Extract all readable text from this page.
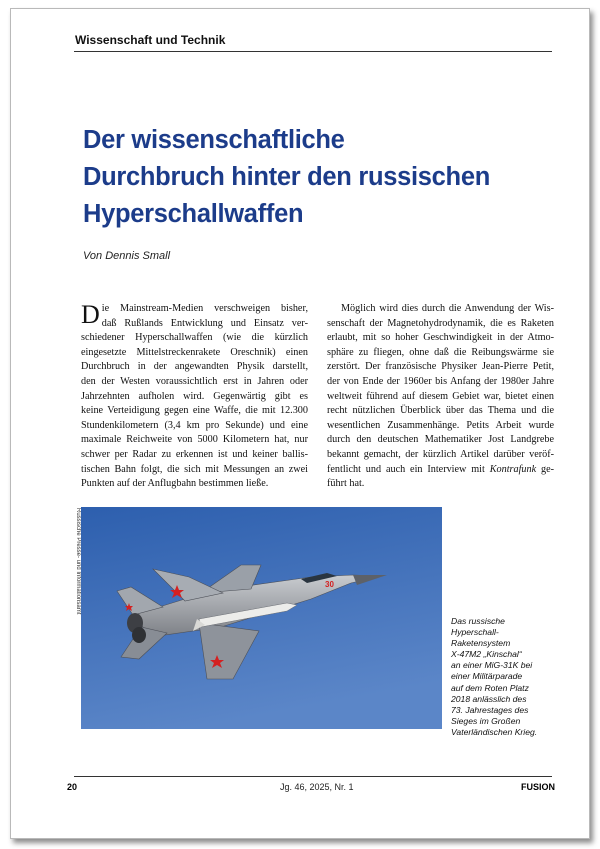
Wissenschaft und Technik
Der wissenschaftliche
Durchbruch hinter den russischen
Hyperschallwaffen
Von Dennis Small
D ie Mainstream-Medien verschweigen bisher,
daß Rußlands Entwicklung und Einsatz ver-
schiedener Hyperschallwaffen (wie die kürzlich
eingesetzte Mittelstreckenrakete Oreschnik) einen
Durchbruch in der angewandten Physik darstellt,
den der Westen voraussichtlich erst in Jahren oder
Jahrzehnten aufholen wird. Gegenwärtig gibt es
keine Verteidigung gegen eine Waffe, die mit 12.300
Stundenkilometern (3,4 km pro Sekunde) und eine
maximale Reichweite von 5000 Kilometern hat, nur
schwer per Radar zu erkennen ist und keiner ballis-
tischen Bahn folgt, die sich mit Messungen an zwei
Punkten auf der Anflugbahn bestimmen ließe.
Möglich wird dies durch die Anwendung der Wis-
senschaft der Magnetohydrodynamik, die es Raketen
erlaubt, mit so hoher Geschwindigkeit in der Atmo-
sphäre zu fliegen, ohne daß die Reibungswärme sie
zerstört. Der französische Physiker Jean-Pierre Petit,
der von Ende der 1960er bis Anfang der 1980er Jahre
weltweit führend auf diesem Gebiet war, bietet einen
recht nützlichen Überblick über das Thema und die
wesentlichen Zusammenhänge. Petits Arbeit wurde
durch den deutschen Mathematiker Jost Landgrebe
bekannt gemacht, der kürzlich Artikel darüber veröf-
fentlicht und auch ein Interview mit Kontrafunk ge-
führt hat.
Russische Presse- und Informationsamt	30
Das russische
Hyperschall-
Raketensystem
X-47M2 „Kinschal“
an einer MiG-31K bei
einer Militärparade
auf dem Roten Platz
2018 anlässlich des
73. Jahrestages des
Sieges im Großen
Vaterländischen Krieg.
20	Jg. 46, 2025, Nr. 1	FUSION
